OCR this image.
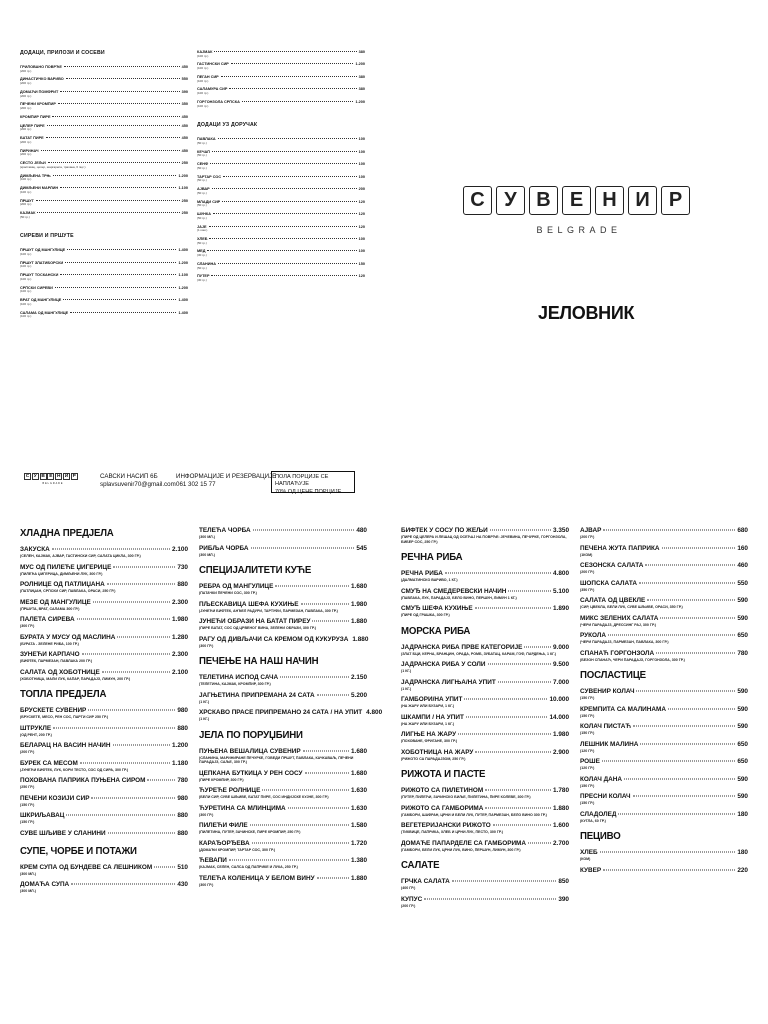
ДОДАЦИ, ПРИЛОЗИ И СОСЕВИ
ГРИЛОВАНО ПОВРЋЕ	450
(200 гр.)
ДИНАСТИЧКО ВАРИВО	550
(200 гр.)
ДОМАЋИ ПОМФРИТ	390
(200 гр.)
ПЕЧЕНИ КРОМПИР	350
(200 гр.)
КРОМПИР ПИРЕ	450
ЦЕЛЕР ПИРЕ	450
(200 гр.)
БАТАТ ПИРЕ	450
(200 гр.)
ПИРИНАЧ	450
(200 гр.)
СЕСТО ЈЕЉИ	250
(краставац, целер, шаргарепа, трахана, 6 пцс.)
ДИМЉЕНА ТРЊ	1.200
(100 гр.)
ДИМЉЕНИ МАРЛИН	1.100
(100 гр.)
ПРШУТ	250
(200 гр.)
КАЈМАК	250
(50 гр.)
СИРЕВИ И ПРШУТЕ
ПРШУТ ОД МАНГУЛИЦЕ	1.400
(100 гр.)
ПРШУТ ЗЛАТИБОРСКИ	1.200
(100 гр.)
ПРШУТ ТОСКАНСКИ	1.100
(100 гр.)
СРПСКИ СИРЕВИ	1.200
(100 гр.)
ВРАТ ОД МАНГУЛИЦЕ	1.400
(100 гр.)
САЛАМА ОД МАНГУЛИЦЕ	1.400
(100 гр.)
КАЈМАК	380
(100 гр.)
ГАСТИНСКИ СИР	1.200
(100 гр.)
ПЕГАН СИР	380
(100 гр.)
САЛАМУРА СИР	380
(100 гр.)
ГОРГОНЗОЛА СРПСКА	1.200
(100 гр.)
ДОДАЦИ УЗ ДОРУЧАК
ПАВЛАКА	100
(50 гр.)
КЕЧАП	100
(50 гр.)
СЕНФ	100
(50 гр.)
ТАРТАР СОС	100
(50 гр.)
АЈВАР	200
(50 гр.)
МЛАДИ СИР	120
(50 гр.)
ШУНКА	120
(50 гр.)
ЈАЈЕ	120
(1 ком.)
ХЛЕБ	100
(50 гр.)
МЕД	100
(30 гр.)
СЛАНИНА	150
(50 гр.)
ПУТЕР	120
(30 гр.)
С У В Е Н И Р
BELGRADE
ЈЕЛОВНИК
С У В Е Н И Р
BELGRADE
САВСКИ НАСИП 6Б
splavsuvenir70@gmail.com
ИНФОРМАЦИЈЕ И РЕЗЕРВАЦИЈЕ
061 302 15 77
ПОЛА ПОРЦИЈЕ СЕ НАПЛАЋУЈЕ
70% ОД ЦЕНЕ ПОРЦИЈЕ
ХЛАДНА ПРЕДЈЕЛА
ЗАКУСКА	2.100
(СЕЛЕН, КАЈМАК, АЈВАР, ГАСТИНСКИ СИР, САЛАТА ЦИКЛА, 300 ГР.)
МУС ОД ПИЛЕЋЕ ЏИГЕРИЦЕ	730
(ПИЛЕЋА ЏИГЕРИЦА, ДИМЉЕНИ ЛУК, 300 ГР.)
РОЛНИЦЕ ОД ПАТЛИЏАНА	880
(ПАТЛИЏАН, СРПСКИ СИР, ПАВЛАКА, ОРАСИ, 250 ГР.)
МЕЗЕ ОД МАНГУЛИЦЕ	2.300
(ПРШУТА, ВРАТ, САЛАМА 300 ГР.)
ПАЛЕТА СИРЕВА	1.980
(300 ГР.)
БУРАТА У МУСУ ОД МАСЛИНА	1.280
(БУРАТА - ЗЕЛЕНЕ РИБА, 100 ГР.)
ЗУНЕЋИ КАРПАЧО	2.300
(БИФТЕК, ПАРМЕЗАН, ПАВЛАКА 200 ГР.)
САЛАТА ОД ХОБОТНИЦЕ	2.100
(ХОБОТНИЦА, МАЛИ ЛУК, КАПАР, ПАРАДАЈЗ, ЛИМУН, 200 ГР.)
ТОПЛА ПРЕДЈЕЛА
БРУСКЕТЕ СУВЕНИР	980
(БРУСКЕТЕ, МЕСО, РЕН СОС, ПАРТИ СИР 250 ГР.)
ШТРУКЛЕ	880
(ОД РЕНТ, 200 ГР.)
БЕЛАРАЦ НА ВАСИН НАЧИН	1.200
(200 ГР.)
БУРЕК СА МЕСОМ	1.180
(ЈУНЕЋИ БИФТЕК, ЛУК, КОРИ ТЕСТО, СОС ОД СИРА, 300 ГР.)
ПОХОВАНА ПАПРИКА ПУЊЕНА СИРОМ	780
(250 ГР.)
ПЕЧЕНИ КОЗИЈИ СИР	980
(150 ГР.)
ШКРИЉАВАЦ	880
(150 ГР.)
СУВЕ ШЉИВЕ У СЛАНИНИ	880
СУПЕ, ЧОРБЕ И ПОТАЖИ
КРЕМ СУПА ОД БУНДЕВЕ СА ЛЕШНИКОМ	510
(300 МЛ.)
ДОМАЋА СУПА	430
(300 МЛ.)
ТЕЛЕЋА ЧОРБА	480
(300 МЛ.)
РИБЉА ЧОРБА	545
(300 МЛ.)
СПЕЦИЈАЛИТЕТИ КУЋЕ
РЕБРА ОД МАНГУЛИЦЕ	1.680
(ПАТАЧКИ ПЕЧЕНИ СОС, 300 ГР.)
ПЉЕСКАВИЦА ШЕФА КУХИЊЕ	1.980
(ЈУНЕЋИ БИФТЕК, АНЂЕЛ РАДУРИ, ТАРТУФИ, ПАРМЕЗАН, ПАВЛАКА, 300 ГР.)
ЈУНЕЋИ ОБРАЗИ НА БАТАТ ПИРЕУ	1.880
(ПИРЕ БАТАТ, СОС ОД ЦРВЕНОГ ВИНА, ЗЕЛЕНИ ОБРАЗИ, 300 ГР.)
РАГУ ОД ДИВЉАЧИ СА КРЕМОМ ОД КУКУРУЗА 1.880
(300 ГР.)
ПЕЧЕЊЕ НА НАШ НАЧИН
ТЕЛЕТИНА ИСПОД САЧА	2.150
(ТЕЛЕТИНА, КАЈМАК, КРОМПИР, 300 ГР.)
ЈАГЊЕТИНА ПРИПРЕМАНА 24 САТА	5.200
(1 КГ.)
ХРСКАВО ПРАСЕ ПРИПРЕМАНО 24 САТА / НА УПИТ 4.800
(1 КГ.)
ЈЕЛА ПО ПОРУЏБИНИ
ПУЊЕНА ВЕШАЛИЦА СУВЕНИР	1.680
(СЛАНИНА, МАРИНИРАНЕ ПЕЧУРКЕ, ГОВЕДИ ПРШУТ, ПАВЛАКА, КАЧКАВАЉ, ПЕЧЕНИ ПАРАДАЈЗ, САЉЕ, 300 ГР.)
ЦЕПКАНА БУТКИЦА У РЕН СОСУ	1.680
(ПИРЕ КРОМПИР, 300 ГР.)
ЋУРЕЋЕ РОЛНИЦЕ	1.630
(БЕЛИ СИР, СУВЕ ШЉИВЕ, БАТАТ ПИРЕ, СОС ИНДИЈСКЕ КУЈНЕ, 300 ГР.)
ЋУРЕТИНА СА МЛИНЦИМА	1.630
(300 ГР.)
ПИЛЕЋИ ФИЛЕ	1.580
(ПИЛЕТИНА, ПУТЕР, ЗАЧИНСКЕ, ПИРЕ КРОМПИР, 250 ГР.)
КАРАЂОРЂЕВА	1.720
(ДОМАЋИ КРОМПИР, ТАРТАР СОС, 300 ГР.)
ЋЕВАПИ	1.380
(КАЈМАК, СЕЛЕН, САЛСА ОД ПАПРИКЕ И ЛУКА, 250 ГР.)
ТЕЛЕЋА КОЛЕНИЦА У БЕЛОМ ВИНУ	1.880
(300 ГР.)
БИФТЕК У СОСУ ПО ЖЕЉИ	3.350
(ПИРЕ ОД ЦЕЛЕРА И ЛЕШАЦ ОД ОСЕЋАЈ НА ПОВРЋЕ: ЈЕЧЕВИНА, ПЕЧУРКЕ, ГОРГОНЗОЛА, БИБЕР СОС, 250 ГР.)
РЕЧНА РИБА
РЕЧНА РИБА	4.800
(ДАЛМАТИНСКО ВАРИВО, 1 КГ.)
СМУЂ НА СМЕДЕРЕВСКИ НАЧИН	5.100
(ПАВЛАКА, ЛУК, ПАРАДАЈЗ, БЕЛО ВИНО, ПЕРШУН, ЛИМУН 1 КГ.)
СМУЂ ШЕФА КУХИЊЕ	1.890
(ПИРЕ ОД ГРАШКА, 300 ГР.)
МОРСКА РИБА
ЈАДРАНСКА РИБА ПРВЕ КАТЕГОРИЈЕ	9.000
(ЗЛАТ БЦИ, КЕРНА, БРАНЦИН, ОРАДА, РОМБ, ЗУБАТАЦ, КАРАМ, ГОФ, ПАРДЕЊА, 1 КГ.)
ЈАДРАНСКА РИБА У СОЛИ	9.500
(1 КГ.)
ЈАДРАНСКА ЛИГЊА/НА УПИТ	7.000
(1 КГ.)
ГАМБОРИ/НА УПИТ	10.000
(НА ЖАРУ ИЛИ БУЗАРИ, 1 КГ.)
ШКАМПИ / НА УПИТ	14.000
(НА ЖАРУ ИЛИ БУЗАРИ, 1 КГ.)
ЛИГЊЕ НА ЖАРУ	1.980
(ПОХОВАНЕ, ФРИГАНЕ, 300 ГР.)
ХОБОТНИЦА НА ЖАРУ	2.900
(РИЖОТО СА ПАРАДАЈЗОМ, 250 ГР.)
РИЖОТА И ПАСТЕ
РИЖОТО СА ПИЛЕТИНОМ	1.780
(ПУТЕР, ПИЛЕЋИ, ЗАЧИНСКО БИЉЕ, ПИЛЕТИНА, ПИРЕ КОЛЕВЕ, 300 ГР.)
РИЖОТО СА ГАМБОРИМА	1.880
(ГАМБОРИ, ШАФРАН, ЦРНИ И БЕЛИ ЛУК, ПУТЕР, ПАРМЕЗАН, БЕЛО ВИНО 300 ГР.)
ВЕГЕТЕРИЈАНСКИ РИЖОТО	1.600
(ТИКВИЦЕ, ПАПРИКА, ХЛЕБ И ЦРНИ ЛУК, ПЕСТО, 300 ГР.)
ДОМАЋЕ ПАПАРДЕЛЕ СА ГАМБОРИМА	2.700
(ГАМБОРИ, БЕЛИ ЛУК, ЦРНИ ЛУК, ВИНО, ПЕРШУН, ЛИМУН, 300 ГР.)
САЛАТЕ
ГРЧКА САЛАТА	850
(400 ГР.)
КУПУС	390
(200 ГР.)
АЈВАР	680
(200 ГР.)
ПЕЧЕНА ЖУТА ПАПРИКА	160
(1КОМ)
СЕЗОНСКА САЛАТА	460
(200 ГР.)
ШОПСКА САЛАТА	550
(350 ГР.)
САЛАТА ОД ЦВЕКЛЕ	590
(СИР, ЦВЕКЛА, БЕЛИ ЛУК, СУВЕ ШЉИВЕ, ОРАСИ, 350 ГР.)
МИКС ЗЕЛЕНИХ САЛАТА	590
(ЧЕРИ ПАРАДАЈЗ, ДРЕССИНГ РАЈ, 300 ГР.)
РУКОЛА	650
(ЧЕРИ ПАРАДАЈЗ, ПАРМЕЗАН, ПАВЛАКА, 300 ГР.)
СПАНАЋ ГОРГОНЗОЛА	780
(БЕЗОН СПАНАЋ, ЧЕРИ ПАРАДАЈЗ, ГОРГОНЗОЛА, 300 ГР.)
ПОСЛАСТИЦЕ
СУВЕНИР КОЛАЧ	590
(150 ГР.)
КРЕМПИТА СА МАЛИНАМА	590
(150 ГР.)
КОЛАЧ ПИСТАЋ	590
(150 ГР.)
ЛЕШНИК МАЛИНА	650
(120 ГР.)
РОШЕ	650
(120 ГР.)
КОЛАЧ ДАНА	590
(150 ГР.)
ПРЕСНИ КОЛАЧ	590
(150 ГР.)
СЛАДОЛЕД	180
(КУГЛА, 60 ГР.)
ПЕЦИВО
ХЛЕБ	180
(КОМ)
КУВЕР	220
